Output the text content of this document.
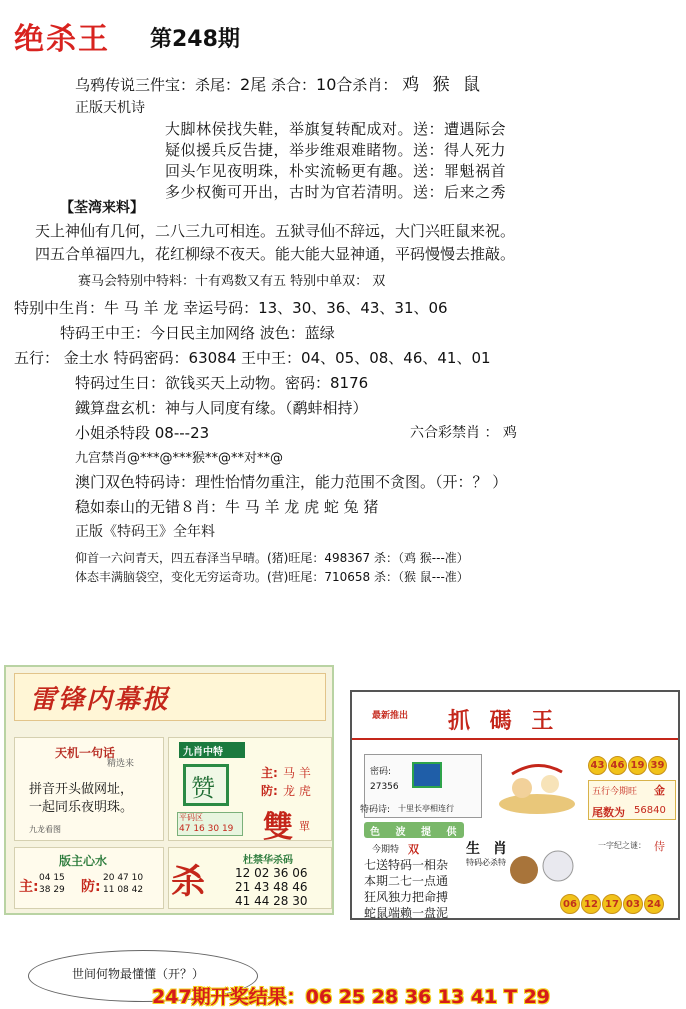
绝杀王 第248期
乌鸦传说三件宝：杀尾：2尾 杀合：10合杀肖： 鸡 猴 鼠
正版天机诗
大脚林侯找失鞋，举旗复转配成对。送：遭遇际会
疑似援兵反告捷，举步维艰难睹物。送：得人死力
回头乍见夜明珠，朴实流畅更有趣。送：罪魁祸首
多少权衡可开出，古时为官若清明。送：后来之秀
【荃湾来料】
天上神仙有几何，二八三九可相连。五狱寻仙不辞远，大门兴旺鼠来祝。
四五合单福四九，花红柳绿不夜天。能大能大显神通，平码慢慢去推敲。
赛马会特别中特料：十有鸡数又有五 特别中单双： 双
特别中生肖：牛 马 羊 龙 幸运号码：13、30、36、43、31、06
特码王中王：今日民主加网络 波色：蓝绿
五行： 金土水 特码密码：63084 王中王：04、05、08、46、41、01
特码过生日：欲钱买天上动物。密码：8176
鐵算盘玄机：神与人同度有缘。（鹬蚌相持）
小姐杀特段 08---23	六合彩禁肖 ： 鸡
九宫禁肖@***@***猴**@**对**@
澳门双色特码诗：理性怡情勿重注，能力范围不贪图。（开：？ ）
稳如泰山的无错８肖：牛 马 羊 龙 虎 蛇 兔 猪
正版《特码王》全年料
仰首一六问青天，四五春泽当早晴。(猪)旺尾：498367 杀：（鸡 猴---准）
体态丰满脑袋空，变化无穷运奇功。(营)旺尾：710658 杀：（猴 鼠---准）
雷锋内幕报
天机一句话
精选来
拼音开头做网址，
一起同乐夜明珠。
九龙看图
九肖中特
赞
主: 马 羊
防: 龙 虎
平码区
47 16 30 19 雙 單
版主心水
主:
04 15
38 29 防:
20 47 10
11 08 42 杀
杜禁华杀码
12 02 36 06
21 43 48 46
41 44 28 30
最新推出 抓 碼 王
43 46 19 39
密码:
27356
特码诗: 十里长亭相连行
五行今期旺 金
尾数为 56840
色 波 提 供
今期特 双	生 肖
特码必杀特
一字纪之谜： 侍
七送特码一相杂
本期二七一点通
狂风独力把命搏
蛇鼠端赖一盘泥
06 12 17 03 24
世间何物最懂懂（开？）
247期开奖结果：06 25 28 36 13 41 T 29
